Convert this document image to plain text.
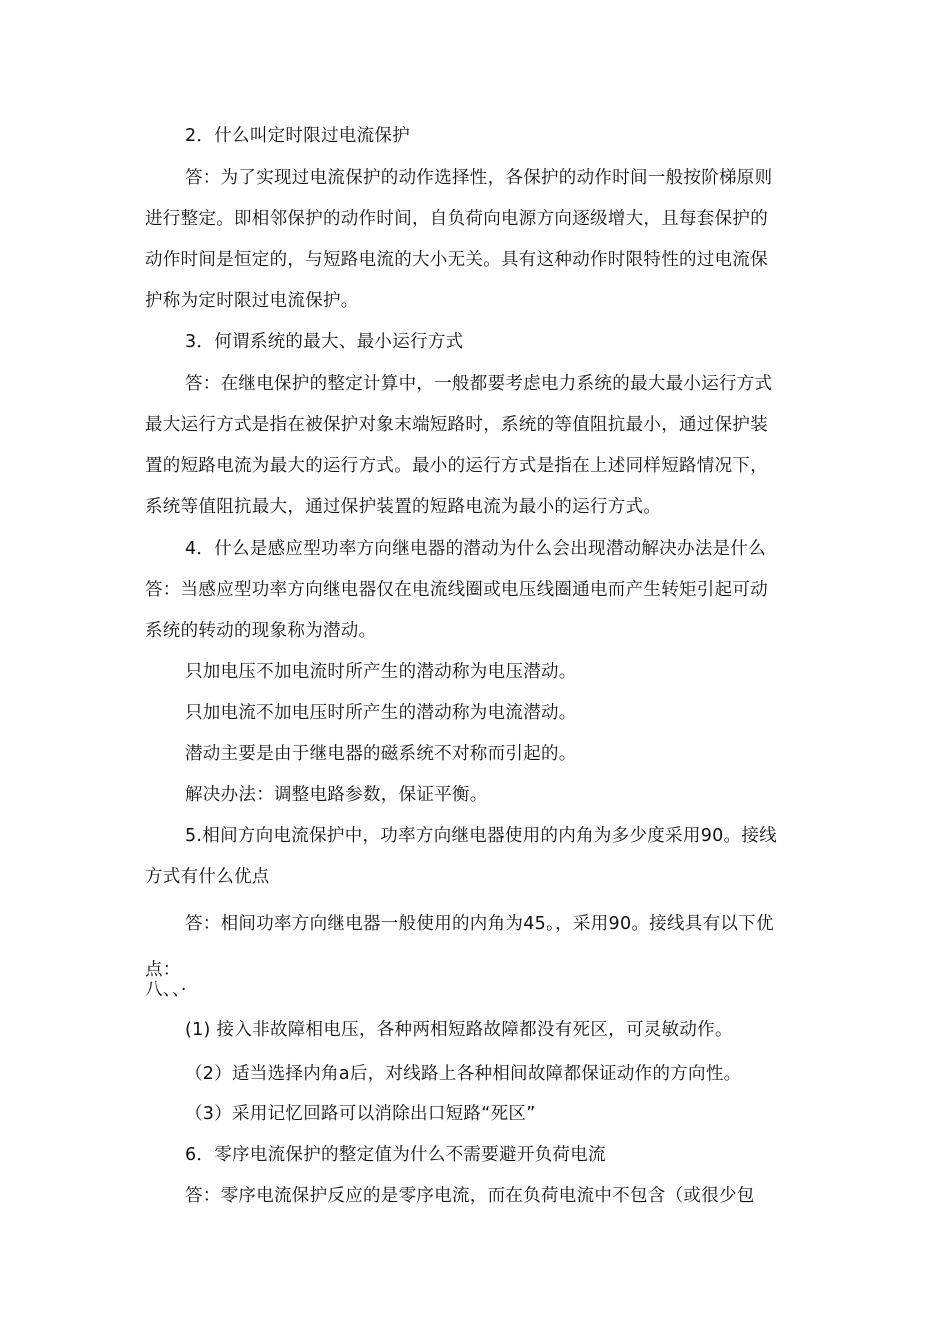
2．什么叫定时限过电流保护
答：为了实现过电流保护的动作选择性，各保护的动作时间一般按阶梯原则
进行整定。即相邻保护的动作时间，自负荷向电源方向逐级增大，且每套保护的
动作时间是恒定的，与短路电流的大小无关。具有这种动作时限特性的过电流保
护称为定时限过电流保护。
3．何谓系统的最大、最小运行方式
答：在继电保护的整定计算中，一般都要考虑电力系统的最大最小运行方式
最大运行方式是指在被保护对象末端短路时，系统的等值阻抗最小，通过保护装
置的短路电流为最大的运行方式。最小的运行方式是指在上述同样短路情况下，
系统等值阻抗最大，通过保护装置的短路电流为最小的运行方式。
4．什么是感应型功率方向继电器的潜动为什么会出现潜动解决办法是什么
答：当感应型功率方向继电器仅在电流线圈或电压线圈通电而产生转矩引起可动
系统的转动的现象称为潜动。
只加电压不加电流时所产生的潜动称为电压潜动。
只加电流不加电压时所产生的潜动称为电流潜动。
潜动主要是由于继电器的磁系统不对称而引起的。
解决办法：调整电路参数，保证平衡。
5.相间方向电流保护中，功率方向继电器使用的内角为多少度采用90。接线
方式有什么优点
答：相间功率方向继电器一般使用的内角为45。，采用90。接线具有以下优
点：
八、、·
(1) 接入非故障相电压，各种两相短路故障都没有死区，可灵敏动作。
（2）适当选择内角a后，对线路上各种相间故障都保证动作的方向性。
（3）采用记忆回路可以消除出口短路“死区”
6．零序电流保护的整定值为什么不需要避开负荷电流
答：零序电流保护反应的是零序电流，而在负荷电流中不包含（或很少包
